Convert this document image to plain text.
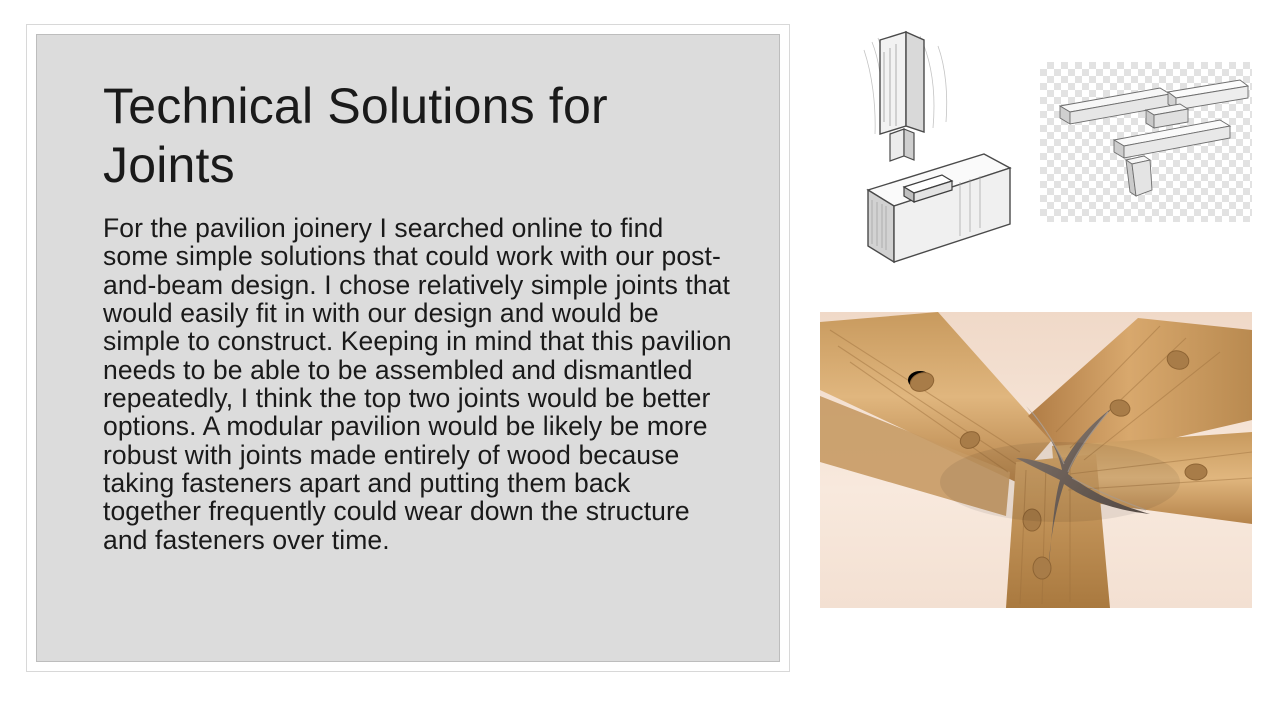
Technical Solutions for Joints

For the pavilion joinery I searched online to find some simple solutions that could work with our post-and-beam design. I chose relatively simple joints that would easily fit in with our design and would be simple to construct. Keeping in mind that this pavilion needs to be able to be assembled and dismantled repeatedly, I think the top two joints would be better options. A modular pavilion would be likely be more robust with joints made entirely of wood because taking fasteners apart and putting them back together frequently could wear down the structure and fasteners over time.
